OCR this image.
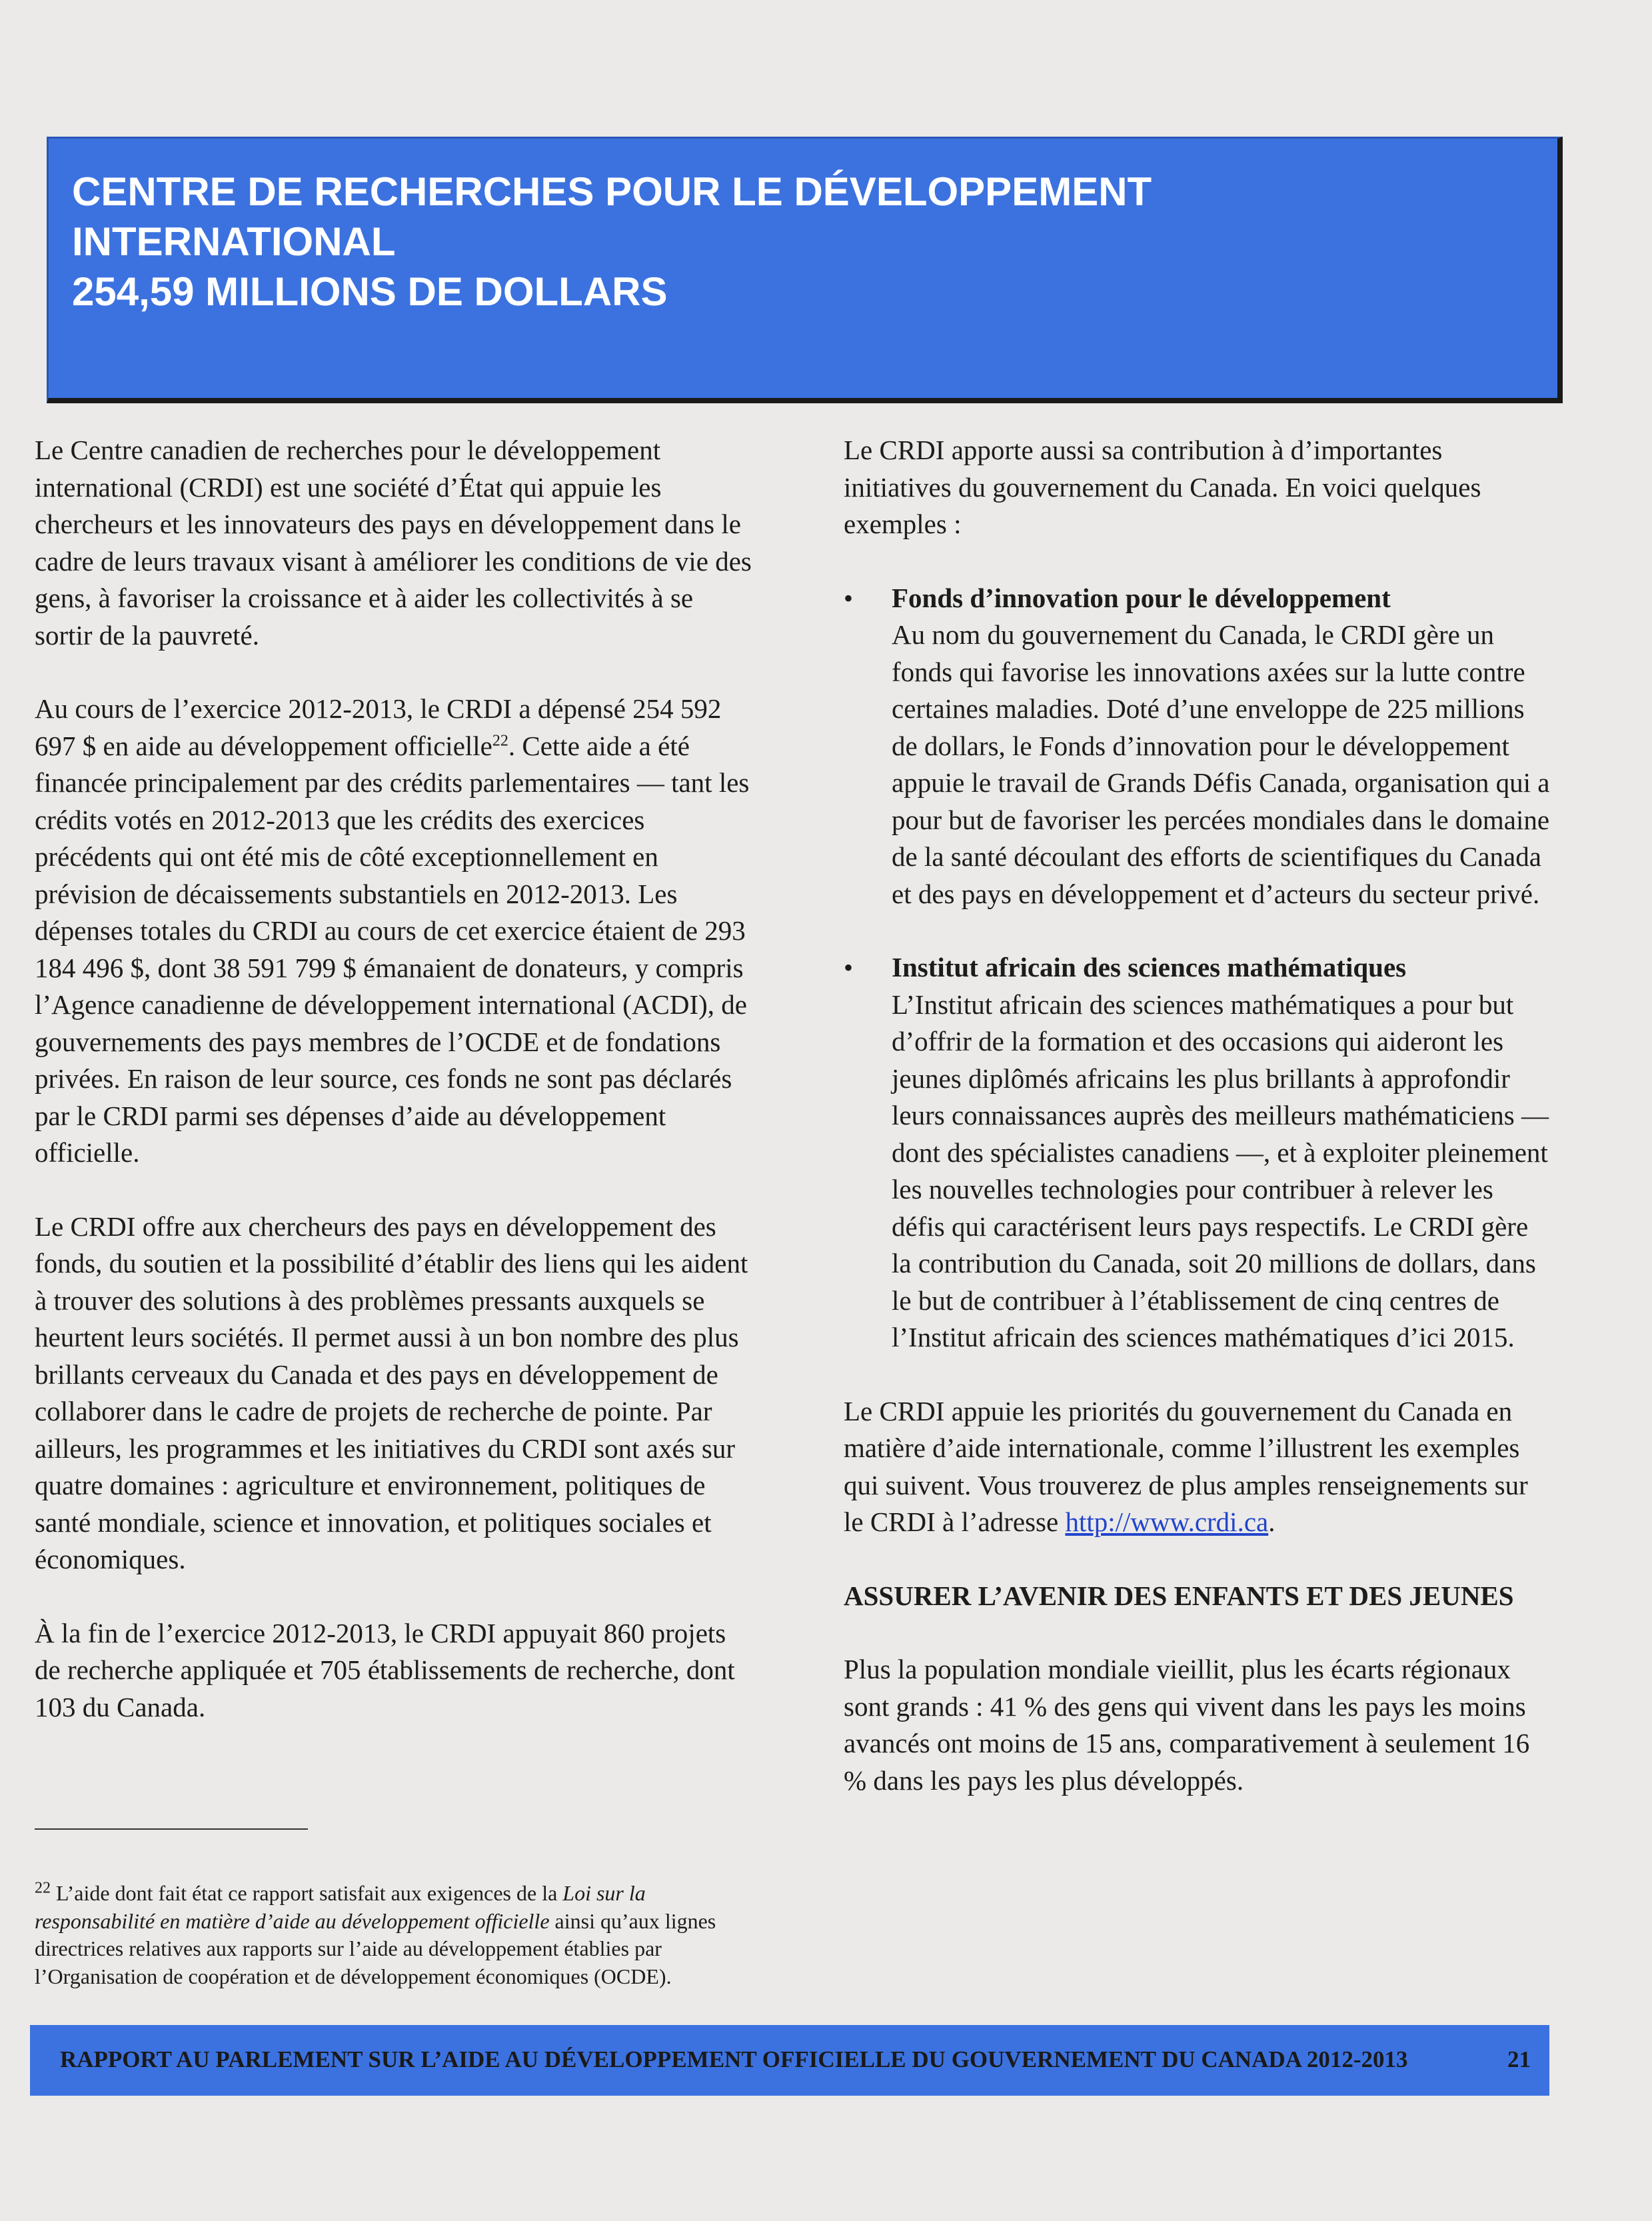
CENTRE DE RECHERCHES POUR LE DÉVELOPPEMENT
INTERNATIONAL
254,59 MILLIONS DE DOLLARS

Le Centre canadien de recherches pour le développement international (CRDI) est une société d’État qui appuie les chercheurs et les innovateurs des pays en développement dans le cadre de leurs travaux visant à améliorer les conditions de vie des gens, à favoriser la croissance et à aider les collectivités à se sortir de la pauvreté.

Au cours de l’exercice 2012-2013, le CRDI a dépensé 254 592 697 $ en aide au développement officielle$^{22}$. Cette aide a été financée principalement par des crédits parlementaires — tant les crédits votés en 2012-2013 que les crédits des exercices précédents qui ont été mis de côté exceptionnellement en prévision de décaissements substantiels en 2012-2013. Les dépenses totales du CRDI au cours de cet exercice étaient de 293 184 496 $, dont 38 591 799 $ émanaient de donateurs, y compris l’Agence canadienne de développement international (ACDI), de gouvernements des pays membres de l’OCDE et de fondations privées. En raison de leur source, ces fonds ne sont pas déclarés par le CRDI parmi ses dépenses d’aide au développement officielle.

Le CRDI offre aux chercheurs des pays en développement des fonds, du soutien et la possibilité d’établir des liens qui les aident à trouver des solutions à des problèmes pressants auxquels se heurtent leurs sociétés. Il permet aussi à un bon nombre des plus brillants cerveaux du Canada et des pays en développement de collaborer dans le cadre de projets de recherche de pointe. Par ailleurs, les programmes et les initiatives du CRDI sont axés sur quatre domaines : agriculture et environnement, politiques de santé mondiale, science et innovation, et politiques sociales et économiques.

À la fin de l’exercice 2012-2013, le CRDI appuyait 860 projets de recherche appliquée et 705 établissements de recherche, dont 103 du Canada.

$^{22}$ L’aide dont fait état ce rapport satisfait aux exigences de la Loi sur la responsabilité en matière d’aide au développement officielle ainsi qu’aux lignes directrices relatives aux rapports sur l’aide au développement établies par l’Organisation de coopération et de développement économiques (OCDE).

Le CRDI apporte aussi sa contribution à d’importantes initiatives du gouvernement du Canada. En voici quelques exemples :

• Fonds d’innovation pour le développement
Au nom du gouvernement du Canada, le CRDI gère un fonds qui favorise les innovations axées sur la lutte contre certaines maladies. Doté d’une enveloppe de 225 millions de dollars, le Fonds d’innovation pour le développement appuie le travail de Grands Défis Canada, organisation qui a pour but de favoriser les percées mondiales dans le domaine de la santé découlant des efforts de scientifiques du Canada et des pays en développement et d’acteurs du secteur privé.
• Institut africain des sciences mathématiques
L’Institut africain des sciences mathématiques a pour but d’offrir de la formation et des occasions qui aideront les jeunes diplômés africains les plus brillants à approfondir leurs connaissances auprès des meilleurs mathématiciens — dont des spécialistes canadiens —, et à exploiter pleinement les nouvelles technologies pour contribuer à relever les défis qui caractérisent leurs pays respectifs. Le CRDI gère la contribution du Canada, soit 20 millions de dollars, dans le but de contribuer à l’établissement de cinq centres de l’Institut africain des sciences mathématiques d’ici 2015.

Le CRDI appuie les priorités du gouvernement du Canada en matière d’aide internationale, comme l’illustrent les exemples qui suivent. Vous trouverez de plus amples renseignements sur le CRDI à l’adresse http://www.crdi.ca.

ASSURER L’AVENIR DES ENFANTS ET DES JEUNES

Plus la population mondiale vieillit, plus les écarts régionaux sont grands : 41 % des gens qui vivent dans les pays les moins avancés ont moins de 15 ans, comparativement à seulement 16 % dans les pays les plus développés.

RAPPORT AU PARLEMENT SUR L’AIDE AU DÉVELOPPEMENT OFFICIELLE DU GOUVERNEMENT DU CANADA 2012-2013	21
